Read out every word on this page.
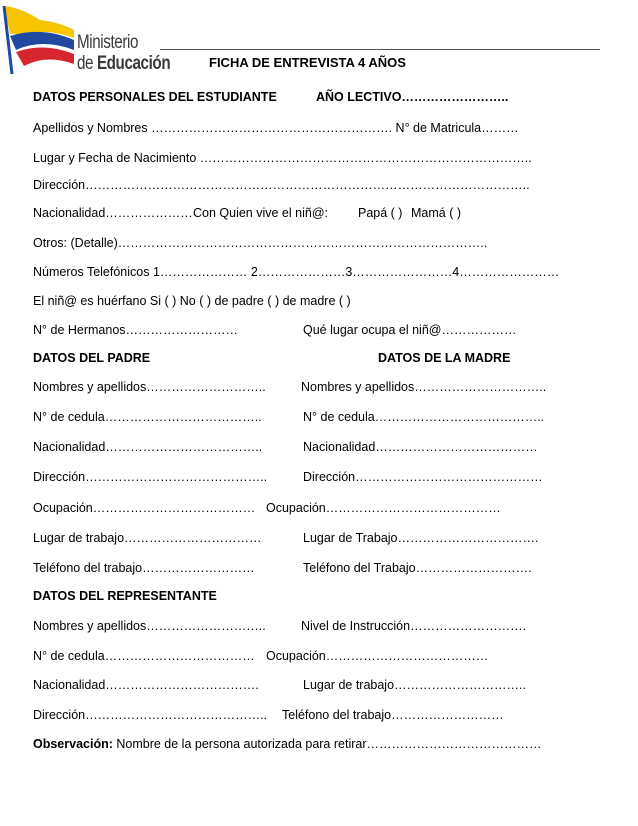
Ministerio
de Educación	FICHA DE ENTREVISTA 4 AÑOS
DATOS PERSONALES DEL ESTUDIANTE	AÑO LECTIVO……………………..
Apellidos y Nombres …………………………………………………. N° de Matricula………
Lugar y Fecha de Nacimiento ……………………………………………………………………..
Dirección……………………………………………………………………………………………..
Nacionalidad………………… Con Quien vive el niñ@: Papá ( ) Mamá ( )
Otros: (Detalle)……………………………………………………………………………..
Números Telefónicos 1………………… 2…………………3……………………4……………………
El niñ@ es huérfano Si ( ) No ( ) de padre ( ) de madre ( )
N° de Hermanos………………………	Qué lugar ocupa el niñ@………………
DATOS DEL PADRE	DATOS DE LA MADRE
Nombres y apellidos………………………..	Nombres y apellidos…………………………..
N° de cedula………………………………..	N° de cedula…………………………………..
Nacionalidad………………………………..	Nacionalidad…………………………………
Dirección……………………………………..	Dirección………………………………………
Ocupación………………………………… Ocupación……………………………………
Lugar de trabajo……………………………	Lugar de Trabajo…………………………….
Teléfono del trabajo………………………	Teléfono del Trabajo……………………….
DATOS DEL REPRESENTANTE
Nombres y apellidos………………………..	Nivel de Instrucción……………………….
N° de cedula……………………………… Ocupación…………………………………
Nacionalidad……………………………….	Lugar de trabajo…………………………..
Dirección…………………………………….. Teléfono del trabajo………………………
Observación: Nombre de la persona autorizada para retirar……………………………………
